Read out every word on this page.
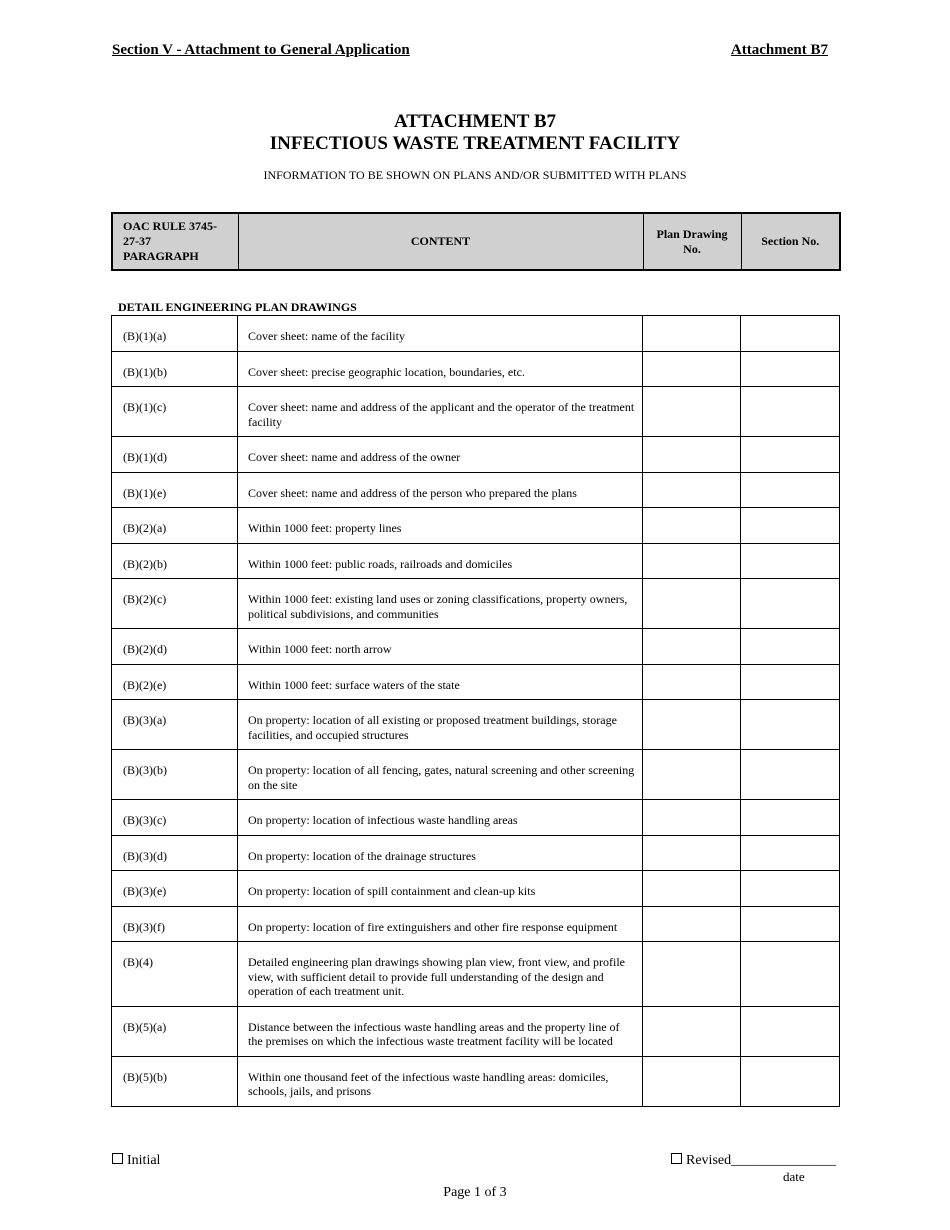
Section V - Attachment to General Application	Attachment B7
ATTACHMENT B7
INFECTIOUS WASTE TREATMENT FACILITY
INFORMATION TO BE SHOWN ON PLANS AND/OR SUBMITTED WITH PLANS
OAC RULE 3745-27-37 PARAGRAPH	CONTENT	Plan Drawing No.	Section No.
DETAIL ENGINEERING PLAN DRAWINGS
(B)(1)(a)	Cover sheet: name of the facility		
(B)(1)(b)	Cover sheet: precise geographic location, boundaries, etc.		
(B)(1)(c)	Cover sheet: name and address of the applicant and the operator of the treatment facility		
(B)(1)(d)	Cover sheet: name and address of the owner		
(B)(1)(e)	Cover sheet: name and address of the person who prepared the plans		
(B)(2)(a)	Within 1000 feet: property lines		
(B)(2)(b)	Within 1000 feet: public roads, railroads and domiciles		
(B)(2)(c)	Within 1000 feet: existing land uses or zoning classifications, property owners, political subdivisions, and communities		
(B)(2)(d)	Within 1000 feet: north arrow		
(B)(2)(e)	Within 1000 feet: surface waters of the state		
(B)(3)(a)	On property: location of all existing or proposed treatment buildings, storage facilities, and occupied structures		
(B)(3)(b)	On property: location of all fencing, gates, natural screening and other screening on the site		
(B)(3)(c)	On property: location of infectious waste handling areas		
(B)(3)(d)	On property: location of the drainage structures		
(B)(3)(e)	On property: location of spill containment and clean-up kits		
(B)(3)(f)	On property: location of fire extinguishers and other fire response equipment		
(B)(4)	Detailed engineering plan drawings showing plan view, front view, and profile view, with sufficient detail to provide full understanding of the design and operation of each treatment unit.		
(B)(5)(a)	Distance between the infectious waste handling areas and the property line of the premises on which the infectious waste treatment facility will be located		
(B)(5)(b)	Within one thousand feet of the infectious waste handling areas: domiciles, schools, jails, and prisons		
Initial	Revised_______________
date
Page 1 of 3
